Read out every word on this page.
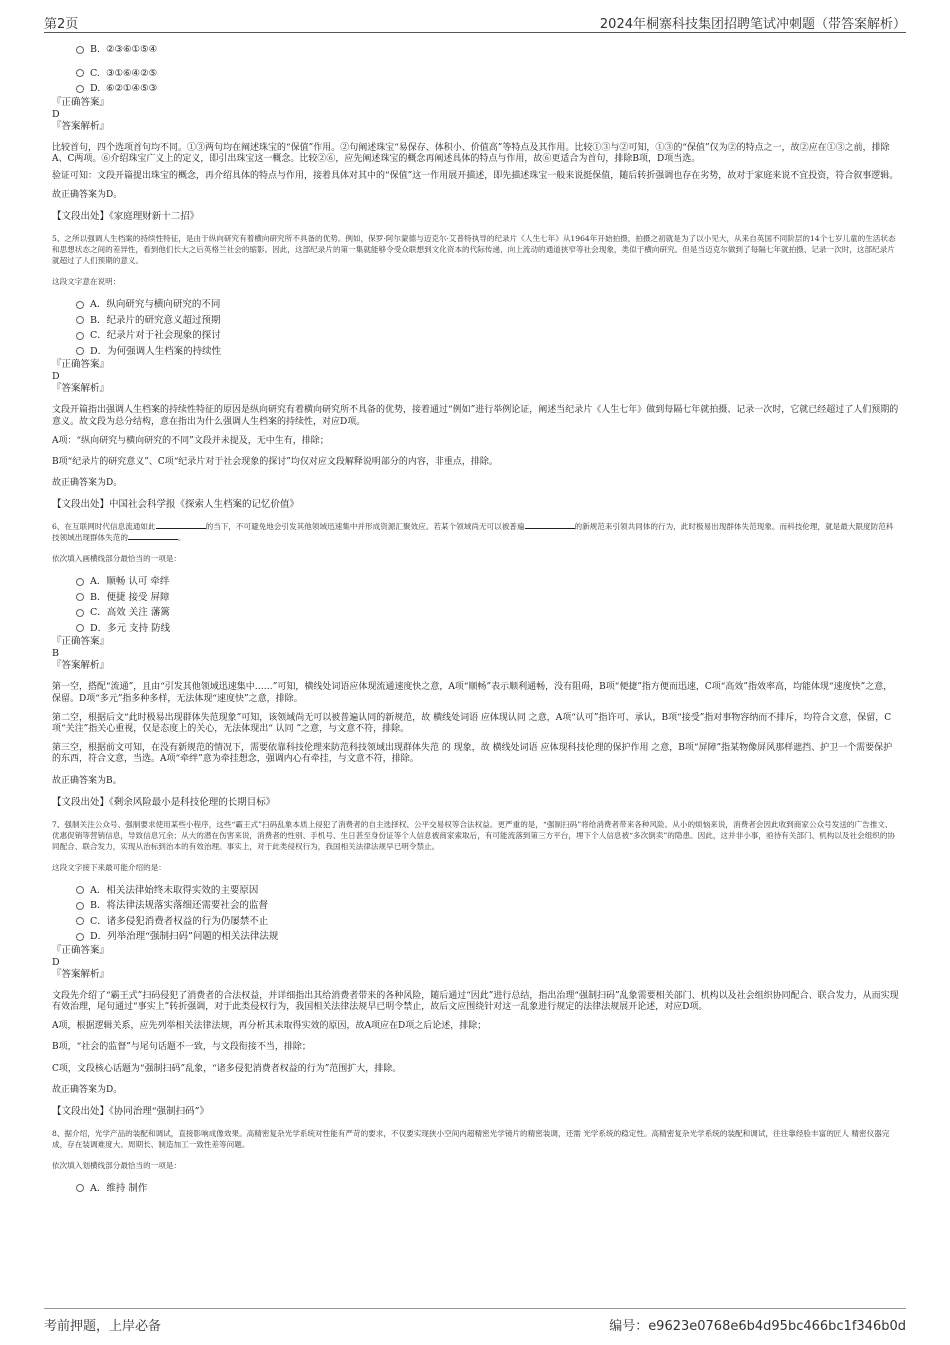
第2页	2024年桐寨科技集团招聘笔试冲刺题（带答案解析）
B. ②③⑥①⑤④
C. ③①⑥④②⑤
D. ⑥②①④⑤③
『正确答案』
D
『答案解析』

比较首句，四个选项首句均不同。①③两句均在阐述珠宝的“保值”作用。②句阐述珠宝“易保存、体积小、价值高”等特点及其作用。比较①③与②可知，①③的“保值”仅为②的特点之一，故②应在①③之前，排除A、C两项。⑥介绍珠宝广义上的定义，即引出珠宝这一概念。比较②⑥，应先阐述珠宝的概念再阐述具体的特点与作用，故⑥更适合为首句，排除B项，D项当选。

验证可知：文段开篇提出珠宝的概念，再介绍具体的特点与作用，接着具体对其中的“保值”这一作用展开描述，即先描述珠宝一般来说挺保值，随后转折强调也存在劣势，故对于家庭来说不宜投资，符合叙事逻辑。

故正确答案为D。

【文段出处】《家庭理财新十二招》

5、之所以强调人生档案的持续性特征，是由于纵向研究有着横向研究所不具备的优势。例如，保罗·阿尔蒙德与迈克尔·艾普特执导的纪录片《人生七年》从1964年开始拍摄，拍摄之初就是为了以小见大，从来自英国不同阶层的14个七岁儿童的生活状态和思想状态之间的差异性，看到他们长大之后英格兰社会的缩影。因此，这部纪录片的第一集就能够令受众联想到文化资本的代际传递、向上流动的通道狭窄等社会现象，类似于横向研究。但是当迈克尔做到了每隔七年就拍摄、记录一次时，这部纪录片就超过了人们预期的意义。

这段文字意在说明：
A．纵向研究与横向研究的不同
B．纪录片的研究意义超过预期
C．纪录片对于社会现象的探讨
D．为何强调人生档案的持续性
『正确答案』
D
『答案解析』

文段开篇指出强调人生档案的持续性特征的原因是纵向研究有着横向研究所不具备的优势，接着通过“例如”进行举例论证，阐述当纪录片《人生七年》做到每隔七年就拍摄、记录一次时，它就已经超过了人们预期的意义。故文段为总分结构，意在指出为什么强调人生档案的持续性，对应D项。

A项：“纵向研究与横向研究的不同”文段并未提及，无中生有，排除；

B项“纪录片的研究意义”、C项“纪录片对于社会现象的探讨”均仅对应文段解释说明部分的内容，非重点，排除。

故正确答案为D。

【文段出处】中国社会科学报《探索人生档案的记忆价值》

6、在互联网时代信息流通如此	的当下，不可避免地会引发其他领域迅速集中并形成资源汇聚效应。若某个领域尚无可以被普遍	的新规范来引领共同体的行为，此时极易出现群体失范现象。而科技伦理，就是最大限度防范科技领域出现群体失范的	。

依次填入画横线部分最恰当的一项是：
A．顺畅 认可 牵绊
B．便捷 接受 屏障
C．高效 关注 藩篱
D．多元 支持 防线
『正确答案』
B
『答案解析』

第一空，搭配“流通”，且由“引发其他领域迅速集中……”可知，横线处词语应体现流通速度快之意，A项“顺畅”表示顺利通畅，没有阻碍，B项“便捷”指方便而迅速，C项“高效”指效率高，均能体现“速度快”之意，保留。D项“多元”指多种多样，无法体现“速度快”之意，排除。

第二空，根据后文“此时极易出现群体失范现象”可知，该领域尚无可以被普遍认同的新规范，故 横线处词语 应体现认同 之意，A项“认可”指许可、承认，B项“接受”指对事物容纳而不排斥，均符合文意，保留，C项“关注”指关心重视，仅是态度上的关心，无法体现出“ 认同 ”之意，与文意不符，排除。

第三空，根据前文可知，在没有新规范的情况下，需要依靠科技伦理来防范科技领域出现群体失范 的 现象，故 横线处词语 应体现科技伦理的保护作用 之意，B项“屏障”指某物像屏风那样遮挡、护卫一个需要保护的东西，符合文意，当选。A项“牵绊”意为牵挂想念，强调内心有牵挂，与文意不符，排除。

故正确答案为B。

【文段出处】《剩余风险最小是科技伦理的长期目标》

7、强制关注公众号、强制要求使用某些小程序，这些“霸王式”扫码乱象本质上侵犯了消费者的自主选择权、公平交易权等合法权益。更严重的是，“强制扫码”将给消费者带来各种风险。从小的烦恼来说，消费者会因此收到商家公众号发送的广告推文、优惠促销等营销信息，导致信息冗余；从大的潜在伤害来说，消费者的性别、手机号、生日甚至身份证等个人信息被商家索取后，有可能流落到第三方平台，埋下个人信息被“多次倒卖”的隐患。因此，这并非小事，亟待有关部门、机构以及社会组织的协同配合、联合发力，实现从治标到治本的有效治理。事实上，对于此类侵权行为，我国相关法律法规早已明令禁止。

这段文字接下来最可能介绍的是：
A．相关法律始终未取得实效的主要原因
B．将法律法规落实落细还需要社会的监督
C．诸多侵犯消费者权益的行为仍屡禁不止
D．列举治理“强制扫码”问题的相关法律法规
『正确答案』
D
『答案解析』

文段先介绍了“霸王式”扫码侵犯了消费者的合法权益，并详细指出其给消费者带来的各种风险，随后通过“因此”进行总结，指出治理“强制扫码”乱象需要相关部门、机构以及社会组织协同配合、联合发力，从而实现有效治理，尾句通过“事实上”转折强调，对于此类侵权行为，我国相关法律法规早已明令禁止，故后文应围绕针对这一乱象进行规定的法律法规展开论述，对应D项。

A项，根据逻辑关系，应先列举相关法律法规，再分析其未取得实效的原因，故A项应在D项之后论述，排除；

B项，“社会的监督”与尾句话题不一致，与文段衔接不当，排除；

C项，文段核心话题为“强制扫码”乱象，“诸多侵犯消费者权益的行为”范围扩大，排除。

故正确答案为D。

【文段出处】《协同治理“强制扫码”》

8、据介绍，光学产品的装配和调试，直接影响成像效果。高精密复杂光学系统对性能有严苛的要求，不仅要实现狭小空间内超精密光学镜片的精密装调，还需 光学系统的稳定性。高精密复杂光学系统的装配和调试，往往靠经验丰富的匠人 精密仪器完成，存在装调难度大、周期长、制造加工一致性差等问题。

依次填入划横线部分最恰当的一项是：
A．维持 制作
考前押题，上岸必备	编号：e9623e0768e6b4d95bc466bc1f346b0d
